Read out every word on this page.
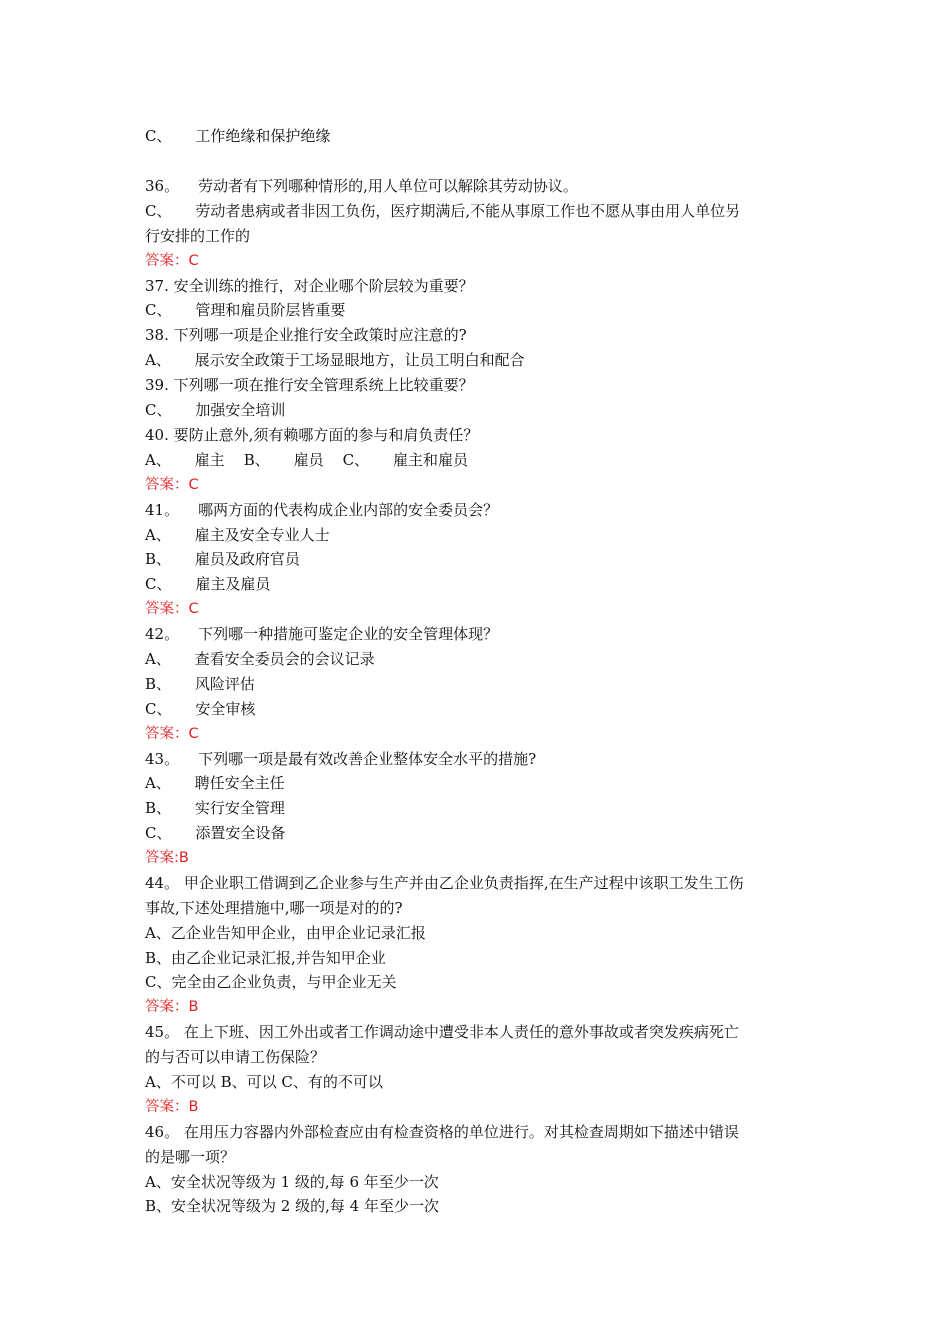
C、     工作绝缘和保护绝缘
36。    劳动者有下列哪种情形的,用人单位可以解除其劳动协议。
C、     劳动者患病或者非因工负伤，医疗期满后,不能从事原工作也不愿从事由用人单位另
行安排的工作的
答案：C
37. 安全训练的推行，对企业哪个阶层较为重要？
C、     管理和雇员阶层皆重要
38. 下列哪一项是企业推行安全政策时应注意的?
A、     展示安全政策于工场显眼地方，让员工明白和配合
39. 下列哪一项在推行安全管理系统上比较重要？
C、     加强安全培训
40. 要防止意外,须有赖哪方面的参与和肩负责任？
A、     雇主    B、     雇员    C、     雇主和雇员
答案：C
41。    哪两方面的代表构成企业内部的安全委员会？
A、     雇主及安全专业人士
B、     雇员及政府官员
C、     雇主及雇员
答案：C
42。    下列哪一种措施可鉴定企业的安全管理体现？
A、     查看安全委员会的会议记录
B、     风险评估
C、     安全审核
答案：C
43。    下列哪一项是最有效改善企业整体安全水平的措施?
A、     聘任安全主任
B、     实行安全管理
C、     添置安全设备
答案:B
44。 甲企业职工借调到乙企业参与生产并由乙企业负责指挥,在生产过程中该职工发生工伤
事故,下述处理措施中,哪一项是对的的?
A、乙企业告知甲企业，由甲企业记录汇报
B、由乙企业记录汇报,并告知甲企业
C、完全由乙企业负责，与甲企业无关
答案：B
45。 在上下班、因工外出或者工作调动途中遭受非本人责任的意外事故或者突发疾病死亡
的与否可以申请工伤保险？
A、不可以 B、可以 C、有的不可以
答案：B
46。 在用压力容器内外部检查应由有检查资格的单位进行。对其检查周期如下描述中错误
的是哪一项？
A、安全状况等级为 1 级的,每 6 年至少一次
B、安全状况等级为 2 级的,每 4 年至少一次
